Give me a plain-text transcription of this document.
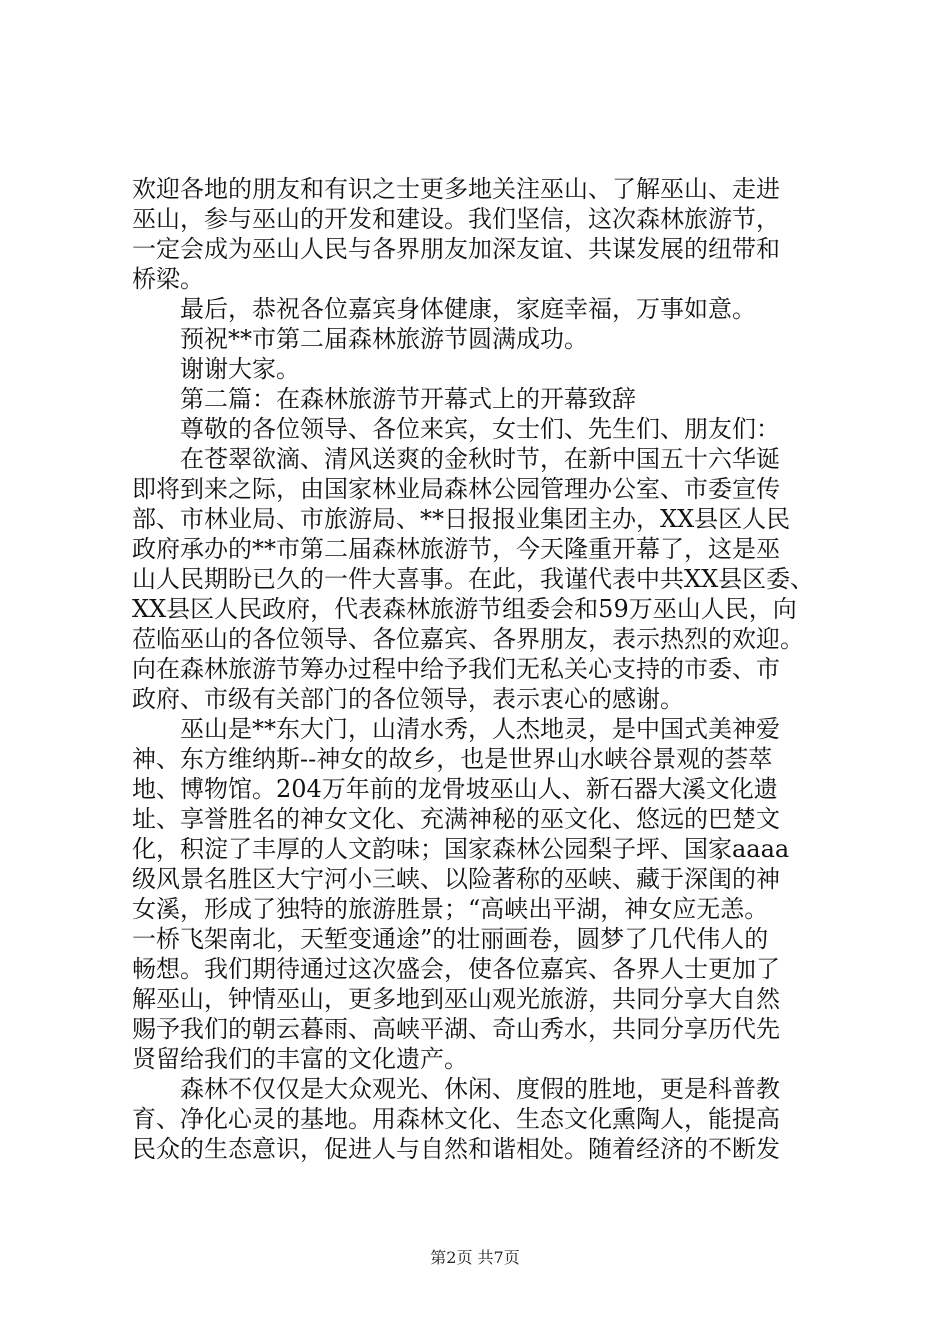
欢迎各地的朋友和有识之士更多地关注巫山、了解巫山、走进
巫山，参与巫山的开发和建设。我们坚信，这次森林旅游节，
一定会成为巫山人民与各界朋友加深友谊、共谋发展的纽带和
桥梁。
最后，恭祝各位嘉宾身体健康，家庭幸福，万事如意。
预祝**市第二届森林旅游节圆满成功。
谢谢大家。
第二篇：在森林旅游节开幕式上的开幕致辞
尊敬的各位领导、各位来宾，女士们、先生们、朋友们：
在苍翠欲滴、清风送爽的金秋时节，在新中国五十六华诞
即将到来之际，由国家林业局森林公园管理办公室、市委宣传
部、市林业局、市旅游局、**日报报业集团主办，XX县区人民
政府承办的**市第二届森林旅游节，今天隆重开幕了，这是巫
山人民期盼已久的一件大喜事。在此，我谨代表中共XX县区委、
XX县区人民政府，代表森林旅游节组委会和59万巫山人民，向
莅临巫山的各位领导、各位嘉宾、各界朋友，表示热烈的欢迎。
向在森林旅游节筹办过程中给予我们无私关心支持的市委、市
政府、市级有关部门的各位领导，表示衷心的感谢。
巫山是**东大门，山清水秀，人杰地灵，是中国式美神爱
神、东方维纳斯--神女的故乡，也是世界山水峡谷景观的荟萃
地、博物馆。204万年前的龙骨坡巫山人、新石器大溪文化遗
址、享誉胜名的神女文化、充满神秘的巫文化、悠远的巴楚文
化，积淀了丰厚的人文韵味；国家森林公园梨子坪、国家aaaa
级风景名胜区大宁河小三峡、以险著称的巫峡、藏于深闺的神
女溪，形成了独特的旅游胜景；“高峡出平湖，神女应无恙。
一桥飞架南北，天堑变通途”的壮丽画卷，圆梦了几代伟人的
畅想。我们期待通过这次盛会，使各位嘉宾、各界人士更加了
解巫山，钟情巫山，更多地到巫山观光旅游，共同分享大自然
赐予我们的朝云暮雨、高峡平湖、奇山秀水，共同分享历代先
贤留给我们的丰富的文化遗产。
森林不仅仅是大众观光、休闲、度假的胜地，更是科普教
育、净化心灵的基地。用森林文化、生态文化熏陶人，能提高
民众的生态意识，促进人与自然和谐相处。随着经济的不断发
第2页 共7页
